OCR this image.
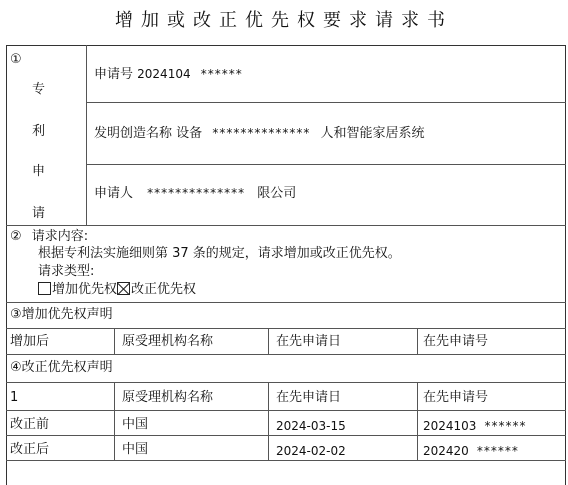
增加或改正优先权要求请求书
①
专
利
申
请
申请号 2024104 ******
发明创造名称 设备 ************** 人和智能家居系统
申请人 ************** 限公司
② 请求内容:
根据专利法实施细则第 37 条的规定，请求增加或改正优先权。
请求类型:
增加优先权 改正优先权
③增加优先权声明
增加后	原受理机构名称	在先申请日	在先申请号
④改正优先权声明
1	原受理机构名称	在先申请日	在先申请号
改正前	中国	2024-03-15	2024103 ******
改正后	中国	2024-02-02	202420 ******
